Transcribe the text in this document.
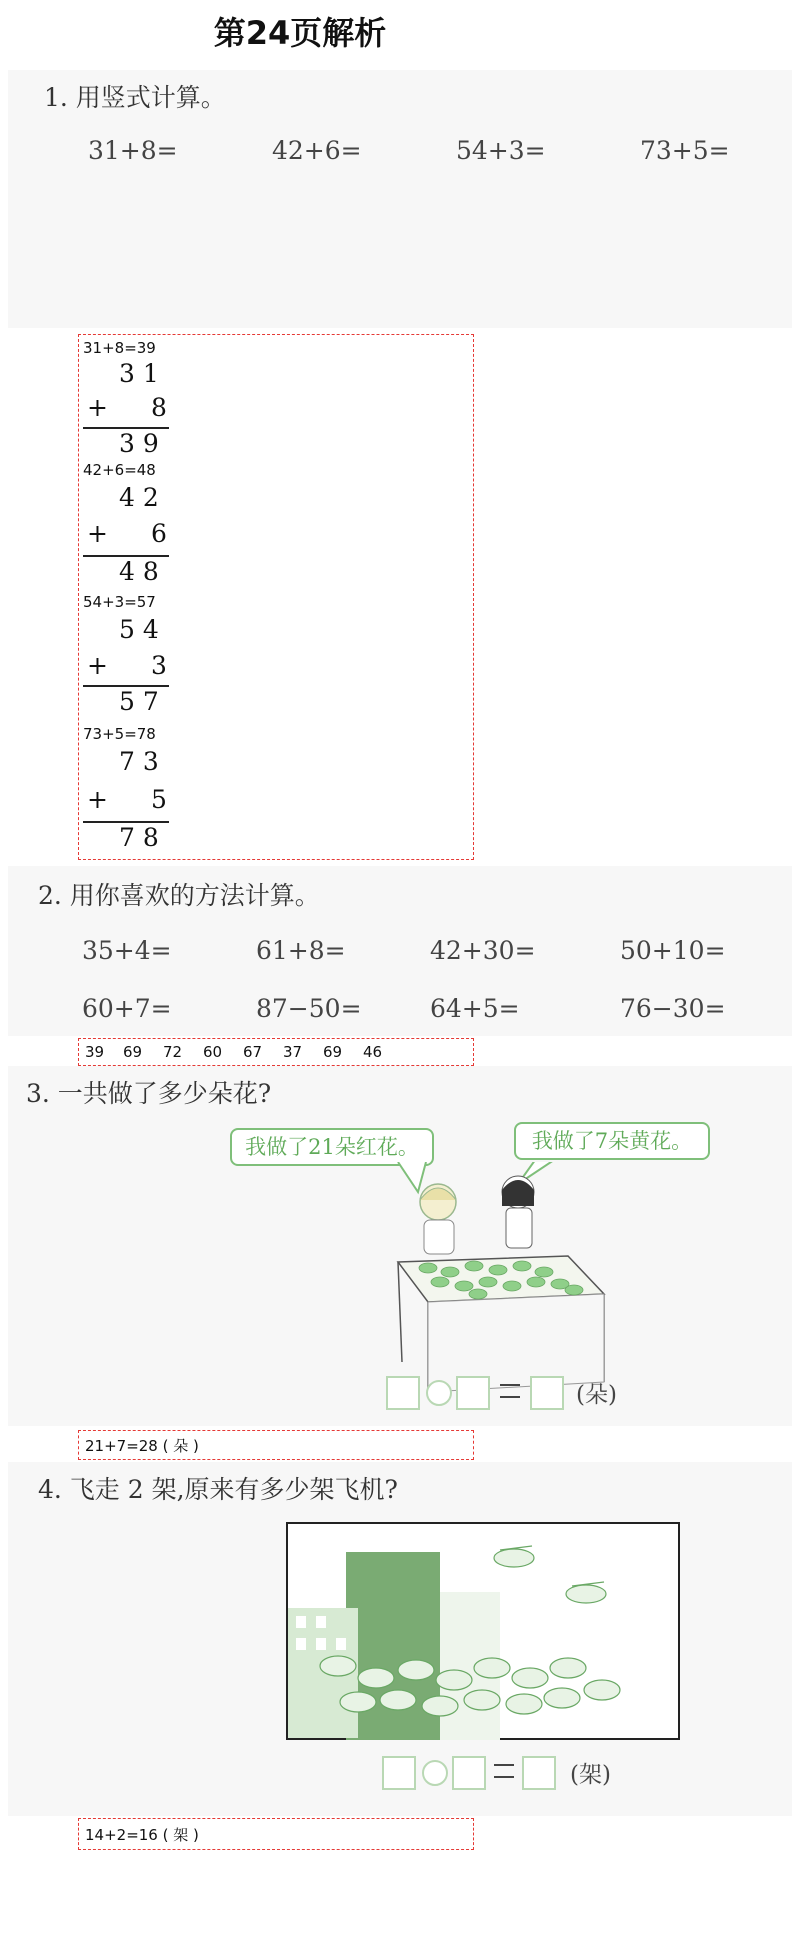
第24页解析
1. 用竖式计算。
31+8=	42+6=	54+3=	73+5=
31+8=39
3 1
+ 8
3 9
42+6=48
4 2
+ 6
4 8
54+3=57
5 4
+ 3
5 7
73+5=78
7 3
+ 5
7 8
2. 用你喜欢的方法计算。
35+4=	61+8=	42+30=	50+10=
60+7=	87−50=	64+5=	76−30=
39 69 72 60 67 37 69 46
3. 一共做了多少朵花?
我做了21朵红花。	我做了7朵黄花。
(朵)
21+7=28 ( 朵 )
4. 飞走 2 架,原来有多少架飞机?
(架)
14+2=16 ( 架 )
